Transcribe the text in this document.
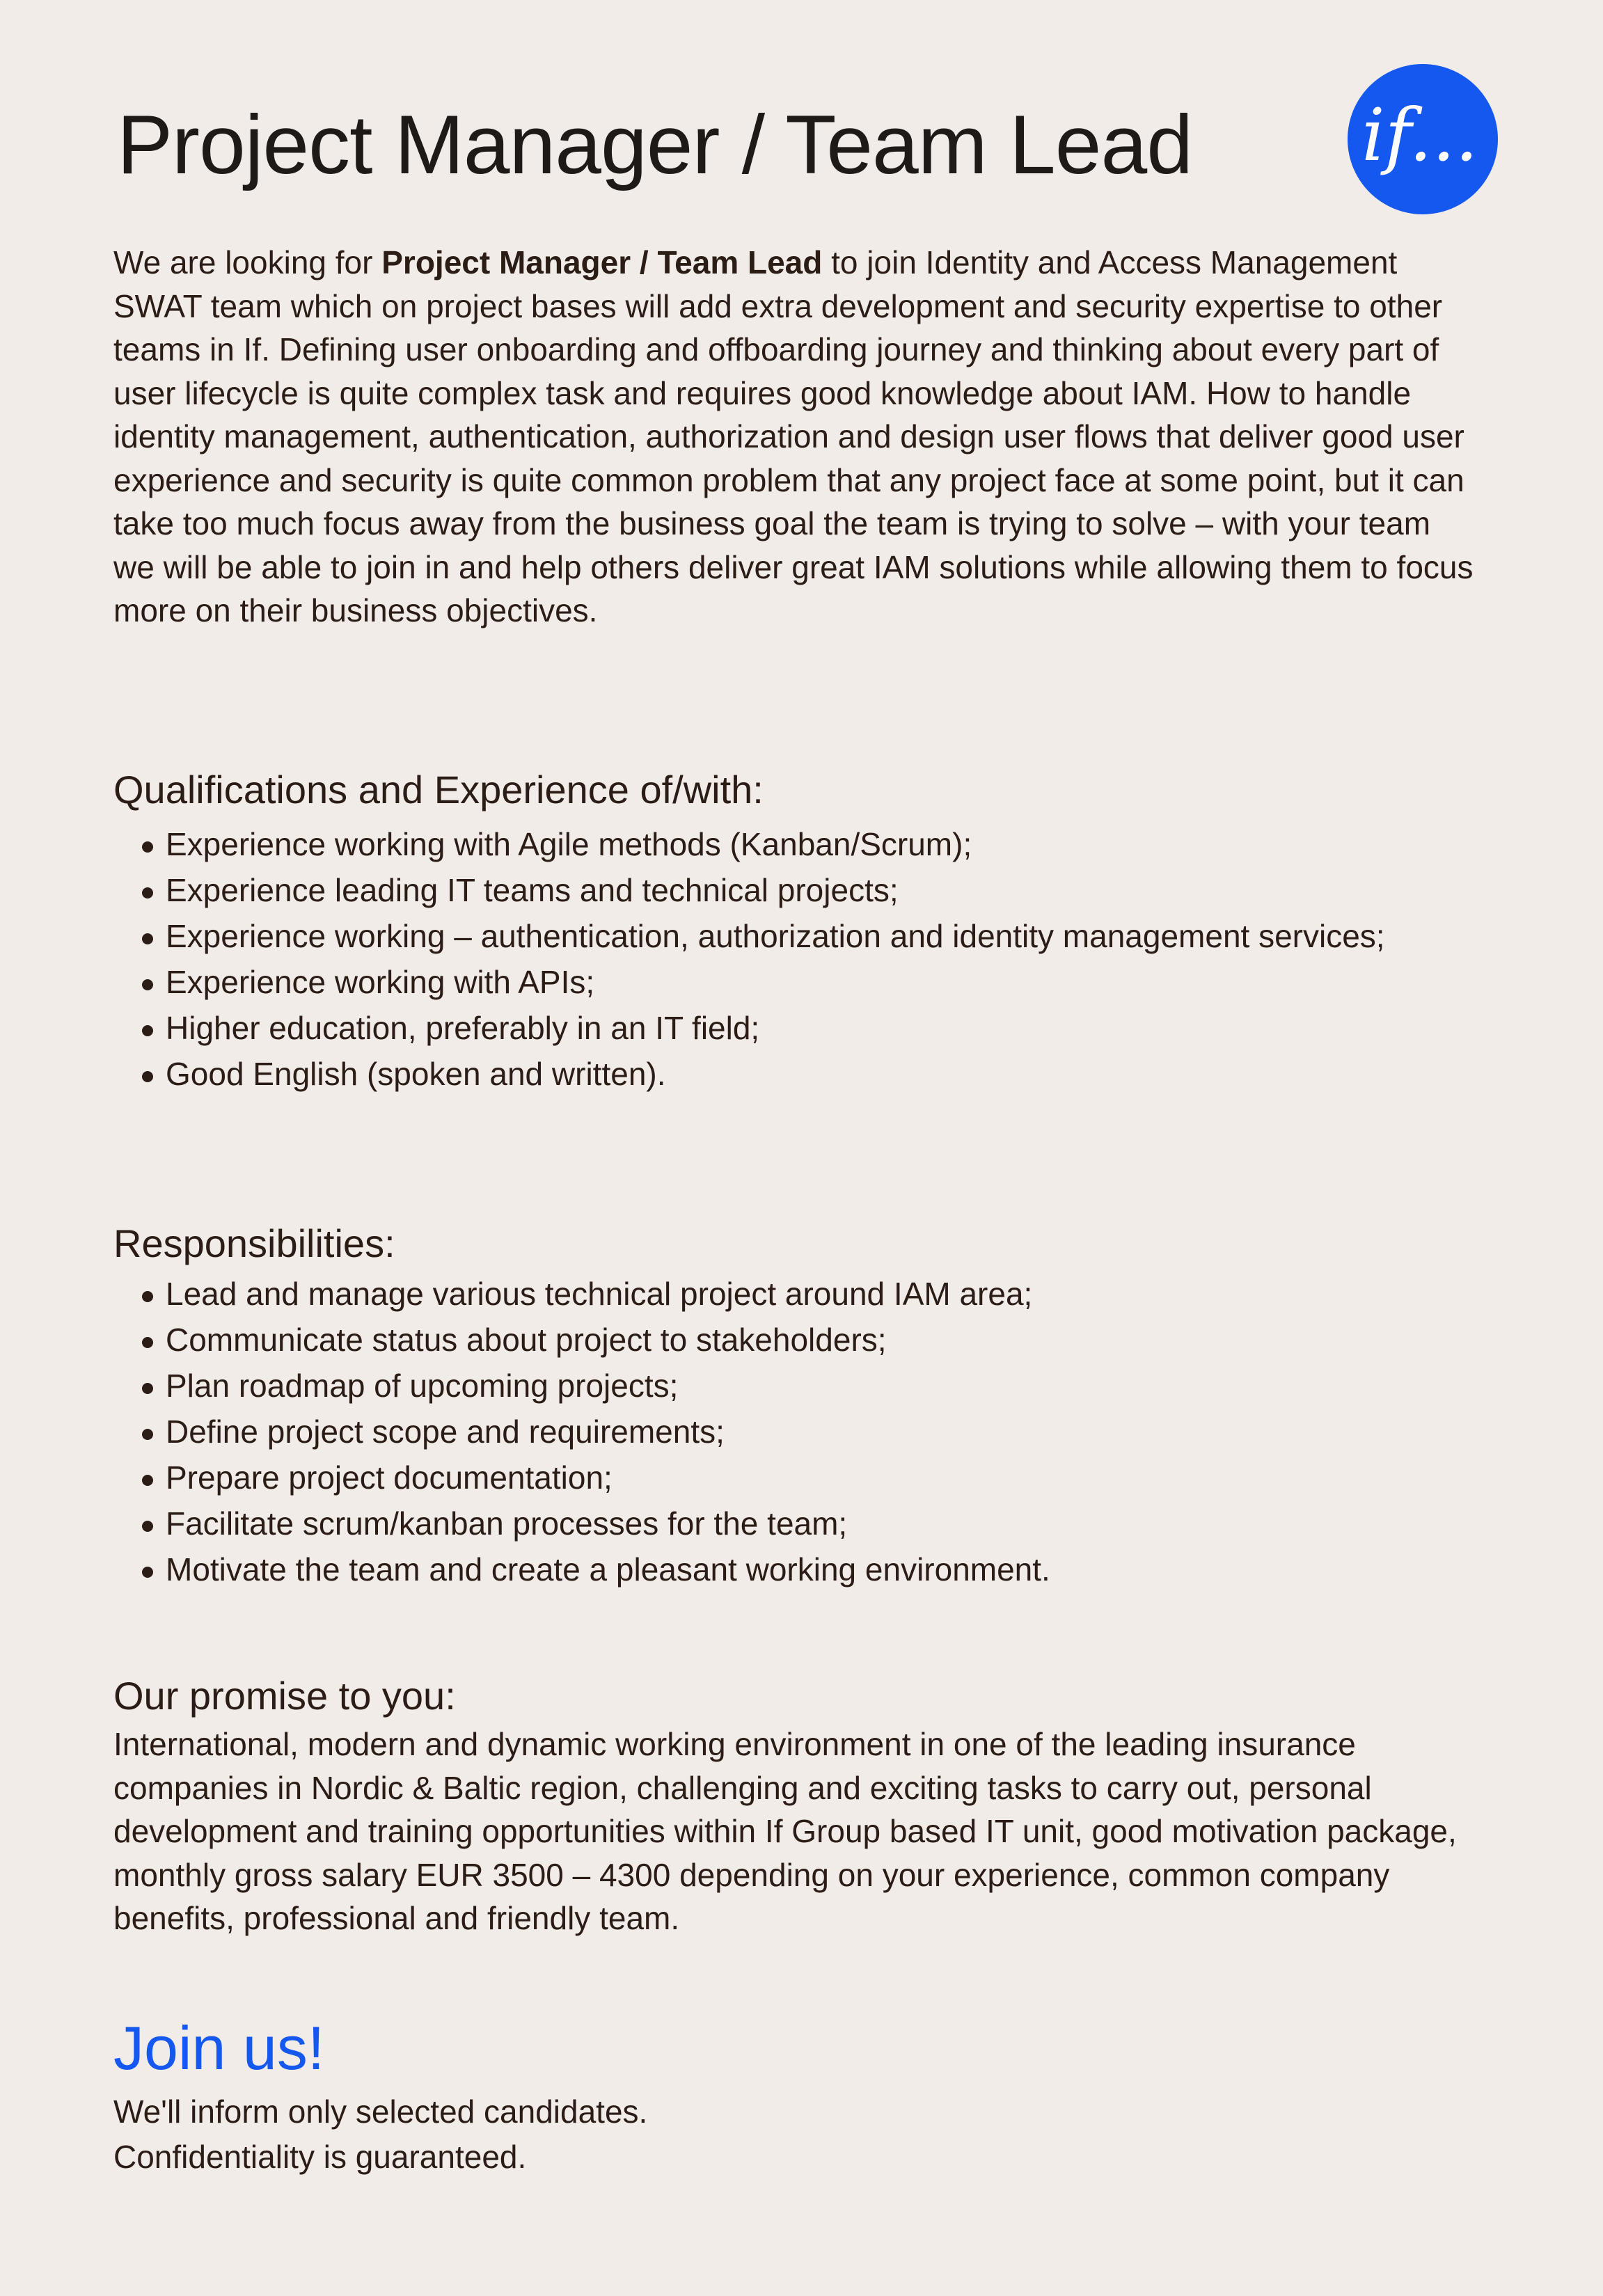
Project Manager / Team Lead if...

We are looking for Project Manager / Team Lead to join Identity and Access Management SWAT team which on project bases will add extra development and security expertise to other teams in If. Defining user onboarding and offboarding journey and thinking about every part of user lifecycle is quite complex task and requires good knowledge about IAM. How to handle identity management, authentication, authorization and design user flows that deliver good user experience and security is quite common problem that any project face at some point, but it can take too much focus away from the business goal the team is trying to solve – with your team we will be able to join in and help others deliver great IAM solutions while allowing them to focus more on their business objectives.

Qualifications and Experience of/with:
Experience working with Agile methods (Kanban/Scrum);
Experience leading IT teams and technical projects;
Experience working – authentication, authorization and identity management services;
Experience working with APIs;
Higher education, preferably in an IT field;
Good English (spoken and written).
Responsibilities:
Lead and manage various technical project around IAM area;
Communicate status about project to stakeholders;
Plan roadmap of upcoming projects;
Define project scope and requirements;
Prepare project documentation;
Facilitate scrum/kanban processes for the team;
Motivate the team and create a pleasant working environment.
Our promise to you:

International, modern and dynamic working environment in one of the leading insurance companies in Nordic & Baltic region, challenging and exciting tasks to carry out, personal development and training opportunities within If Group based IT unit, good motivation package, monthly gross salary EUR 3500 – 4300 depending on your experience, common company benefits, professional and friendly team.

Join us!

We'll inform only selected candidates.
Confidentiality is guaranteed.
